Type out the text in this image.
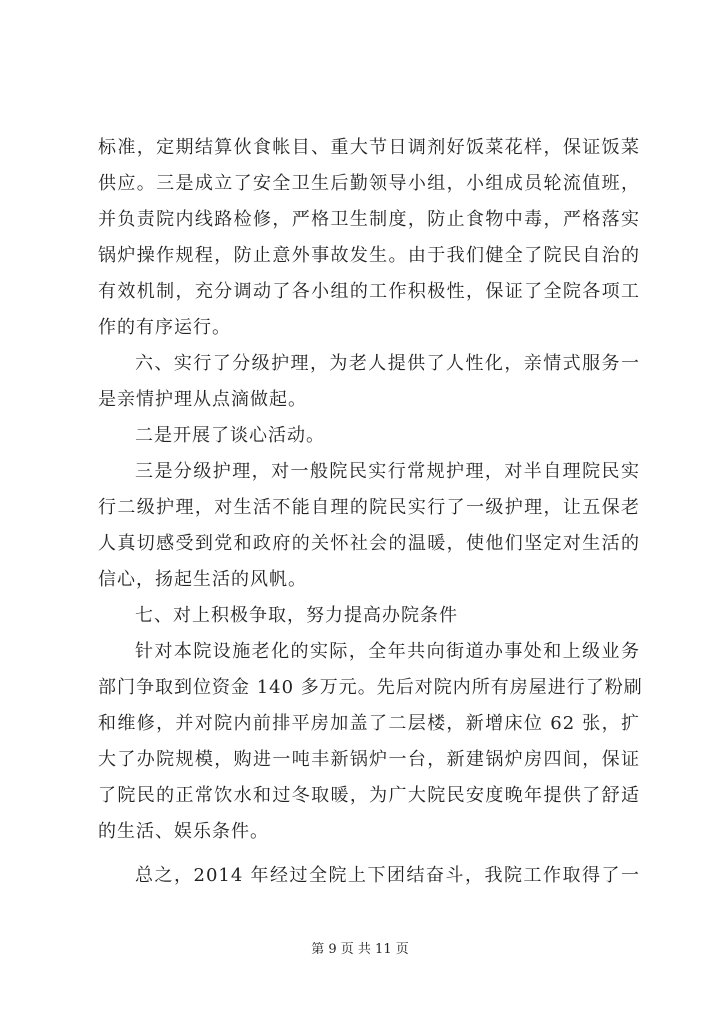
标准，定期结算伙食帐目、重大节日调剂好饭菜花样，保证饭菜
供应。三是成立了安全卫生后勤领导小组，小组成员轮流值班，
并负责院内线路检修，严格卫生制度，防止食物中毒，严格落实
锅炉操作规程，防止意外事故发生。由于我们健全了院民自治的
有效机制，充分调动了各小组的工作积极性，保证了全院各项工
作的有序运行。
六、实行了分级护理，为老人提供了人性化，亲情式服务一
是亲情护理从点滴做起。
二是开展了谈心活动。
三是分级护理，对一般院民实行常规护理，对半自理院民实
行二级护理，对生活不能自理的院民实行了一级护理，让五保老
人真切感受到党和政府的关怀社会的温暖，使他们坚定对生活的
信心，扬起生活的风帆。
七、对上积极争取，努力提高办院条件
针对本院设施老化的实际，全年共向街道办事处和上级业务
部门争取到位资金 140 多万元。先后对院内所有房屋进行了粉刷
和维修，并对院内前排平房加盖了二层楼，新增床位 62 张，扩
大了办院规模，购进一吨丰新锅炉一台，新建锅炉房四间，保证
了院民的正常饮水和过冬取暖，为广大院民安度晚年提供了舒适
的生活、娱乐条件。
总之，2014 年经过全院上下团结奋斗，我院工作取得了一
第 9 页 共 11 页
